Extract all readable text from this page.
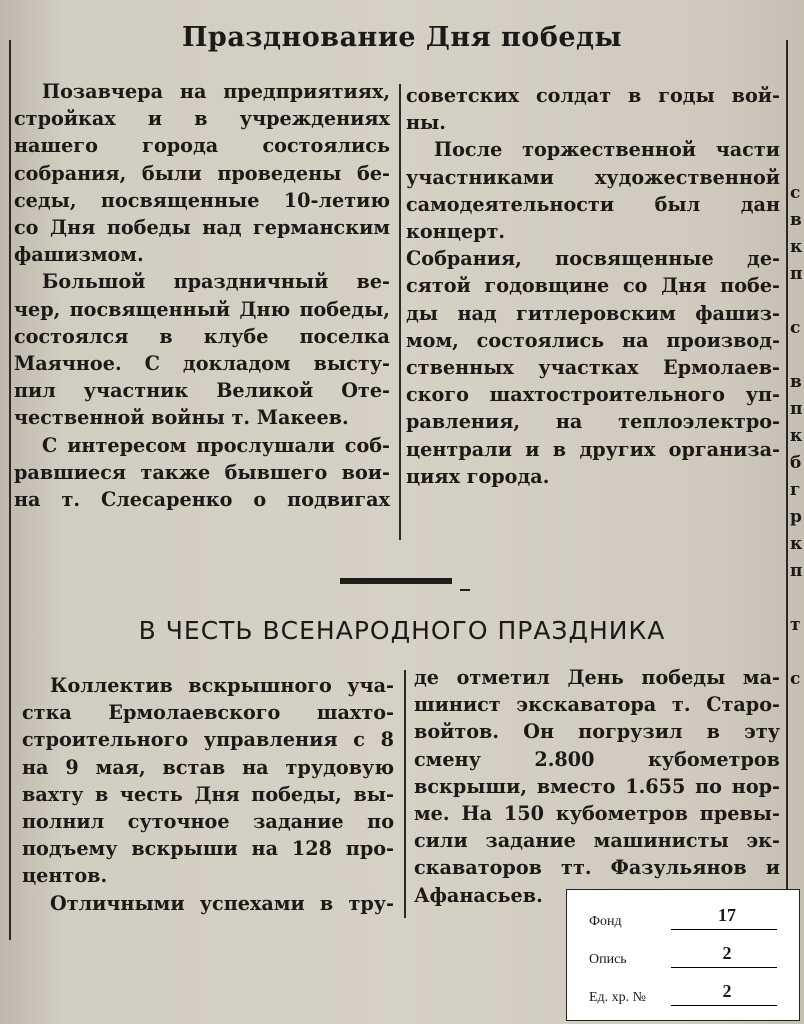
Празднование Дня победы
Позавчера на предприятиях,
стройках и в учреждениях
нашего города состоялись
собрания, были проведены бе-
седы, посвященные 10-летию
со Дня победы над германским
фашизмом.
Большой праздничный ве-
чер, посвященный Дню победы,
состоялся в клубе поселка
Маячное. С докладом высту-
пил участник Великой Оте-
чественной войны т. Макеев.
С интересом прослушали соб-
равшиеся также бывшего вои-
на т. Слесаренко о подвигах
советских солдат в годы вой-
ны.
После торжественной части
участниками художественной
самодеятельности был дан
концерт.
Собрания, посвященные де-
сятой годовщине со Дня побе-
ды над гитлеровским фашиз-
мом, состоялись на производ-
ственных участках Ермолаев-
ского шахтостроительного уп-
равления, на теплоэлектро-
централи и в других организа-
циях города.
В ЧЕСТЬ ВСЕНАРОДНОГО ПРАЗДНИКА
Коллектив вскрышного уча-
стка Ермолаевского шахто-
строительного управления с 8
на 9 мая, встав на трудовую
вахту в честь Дня победы, вы-
полнил суточное задание по
подъему вскрыши на 128 про-
центов.
Отличными успехами в тру-
де отметил День победы ма-
шинист экскаватора т. Старо-
войтов. Он погрузил в эту
смену 2.800 кубометров
вскрыши, вместо 1.655 по нор-
ме. На 150 кубометров превы-
сили задание машинисты эк-
скаваторов тт. Фазульянов и
Афанасьев.
с
в
к
п
с
в
п
к
б
г
р
к
п
т
с
Фонд	17
Опись	2
Ед. хр. №	2
